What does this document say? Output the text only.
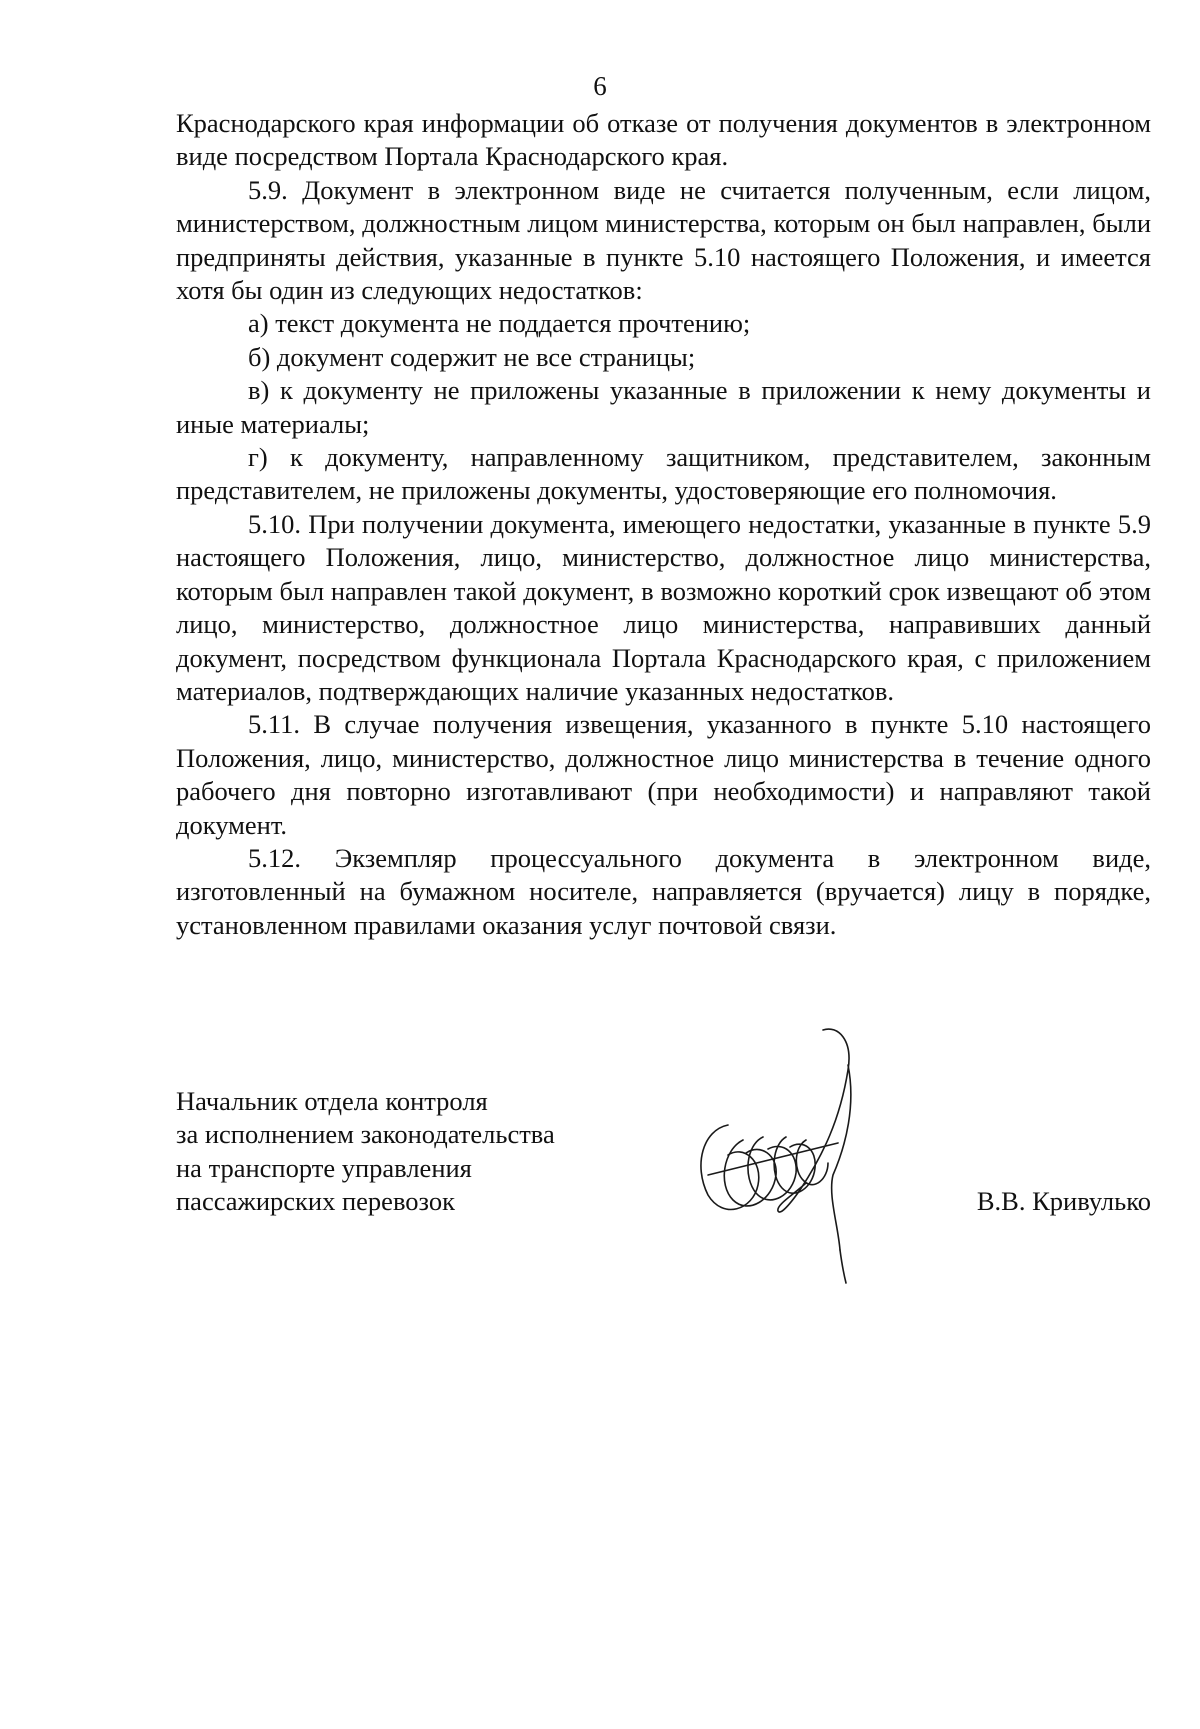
6

Краснодарского края информации об отказе от получения документов в электронном виде посредством Портала Краснодарского края.

5.9. Документ в электронном виде не считается полученным, если лицом, министерством, должностным лицом министерства, которым он был направлен, были предприняты действия, указанные в пункте 5.10 настоящего Положения, и имеется хотя бы один из следующих недостатков:

а) текст документа не поддается прочтению;

б) документ содержит не все страницы;

в) к документу не приложены указанные в приложении к нему документы и иные материалы;

г) к документу, направленному защитником, представителем, законным представителем, не приложены документы, удостоверяющие его полномочия.

5.10. При получении документа, имеющего недостатки, указанные в пункте 5.9 настоящего Положения, лицо, министерство, должностное лицо министерства, которым был направлен такой документ, в возможно короткий срок извещают об этом лицо, министерство, должностное лицо министерства, направивших данный документ, посредством функционала Портала Краснодарского края, с приложением материалов, подтверждающих наличие указанных недостатков.

5.11. В случае получения извещения, указанного в пункте 5.10 настоящего Положения, лицо, министерство, должностное лицо министерства в течение одного рабочего дня повторно изготавливают (при необходимости) и направляют такой документ.

5.12. Экземпляр процессуального документа в электронном виде, изготовленный на бумажном носителе, направляется (вручается) лицу в порядке, установленном правилами оказания услуг почтовой связи.

Начальник отдела контроля
за исполнением законодательства
на транспорте управления
пассажирских перевозок	В.В. Кривулько
